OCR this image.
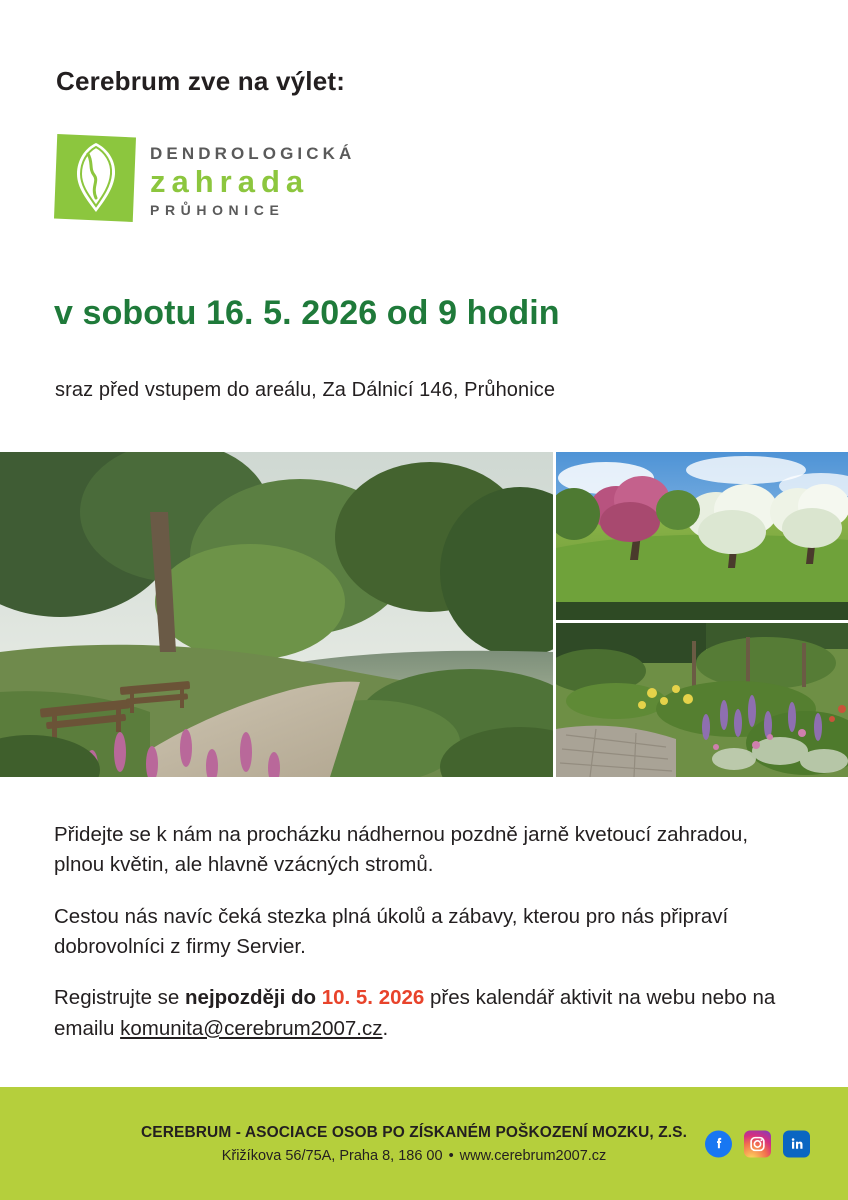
Cerebrum zve na výlet:
DENDROLOGICKÁ
zahrada
PRŮHONICE
v sobotu 16. 5. 2026 od 9 hodin
sraz před vstupem do areálu, Za Dálnicí 146, Průhonice

Přidejte se k nám na procházku nádhernou pozdně jarně kvetoucí zahradou, plnou květin, ale hlavně vzácných stromů.

Cestou nás navíc čeká stezka plná úkolů a zábavy, kterou pro nás připraví dobrovolníci z firmy Servier.

Registrujte se nejpozději do 10. 5. 2026 přes kalendář aktivit na webu nebo na emailu komunita@cerebrum2007.cz.

CEREBRUM - ASOCIACE OSOB PO ZÍSKANÉM POŠKOZENÍ MOZKU, Z.S.
Křižíkova 56/75A, Praha 8, 186 00 • www.cerebrum2007.cz
